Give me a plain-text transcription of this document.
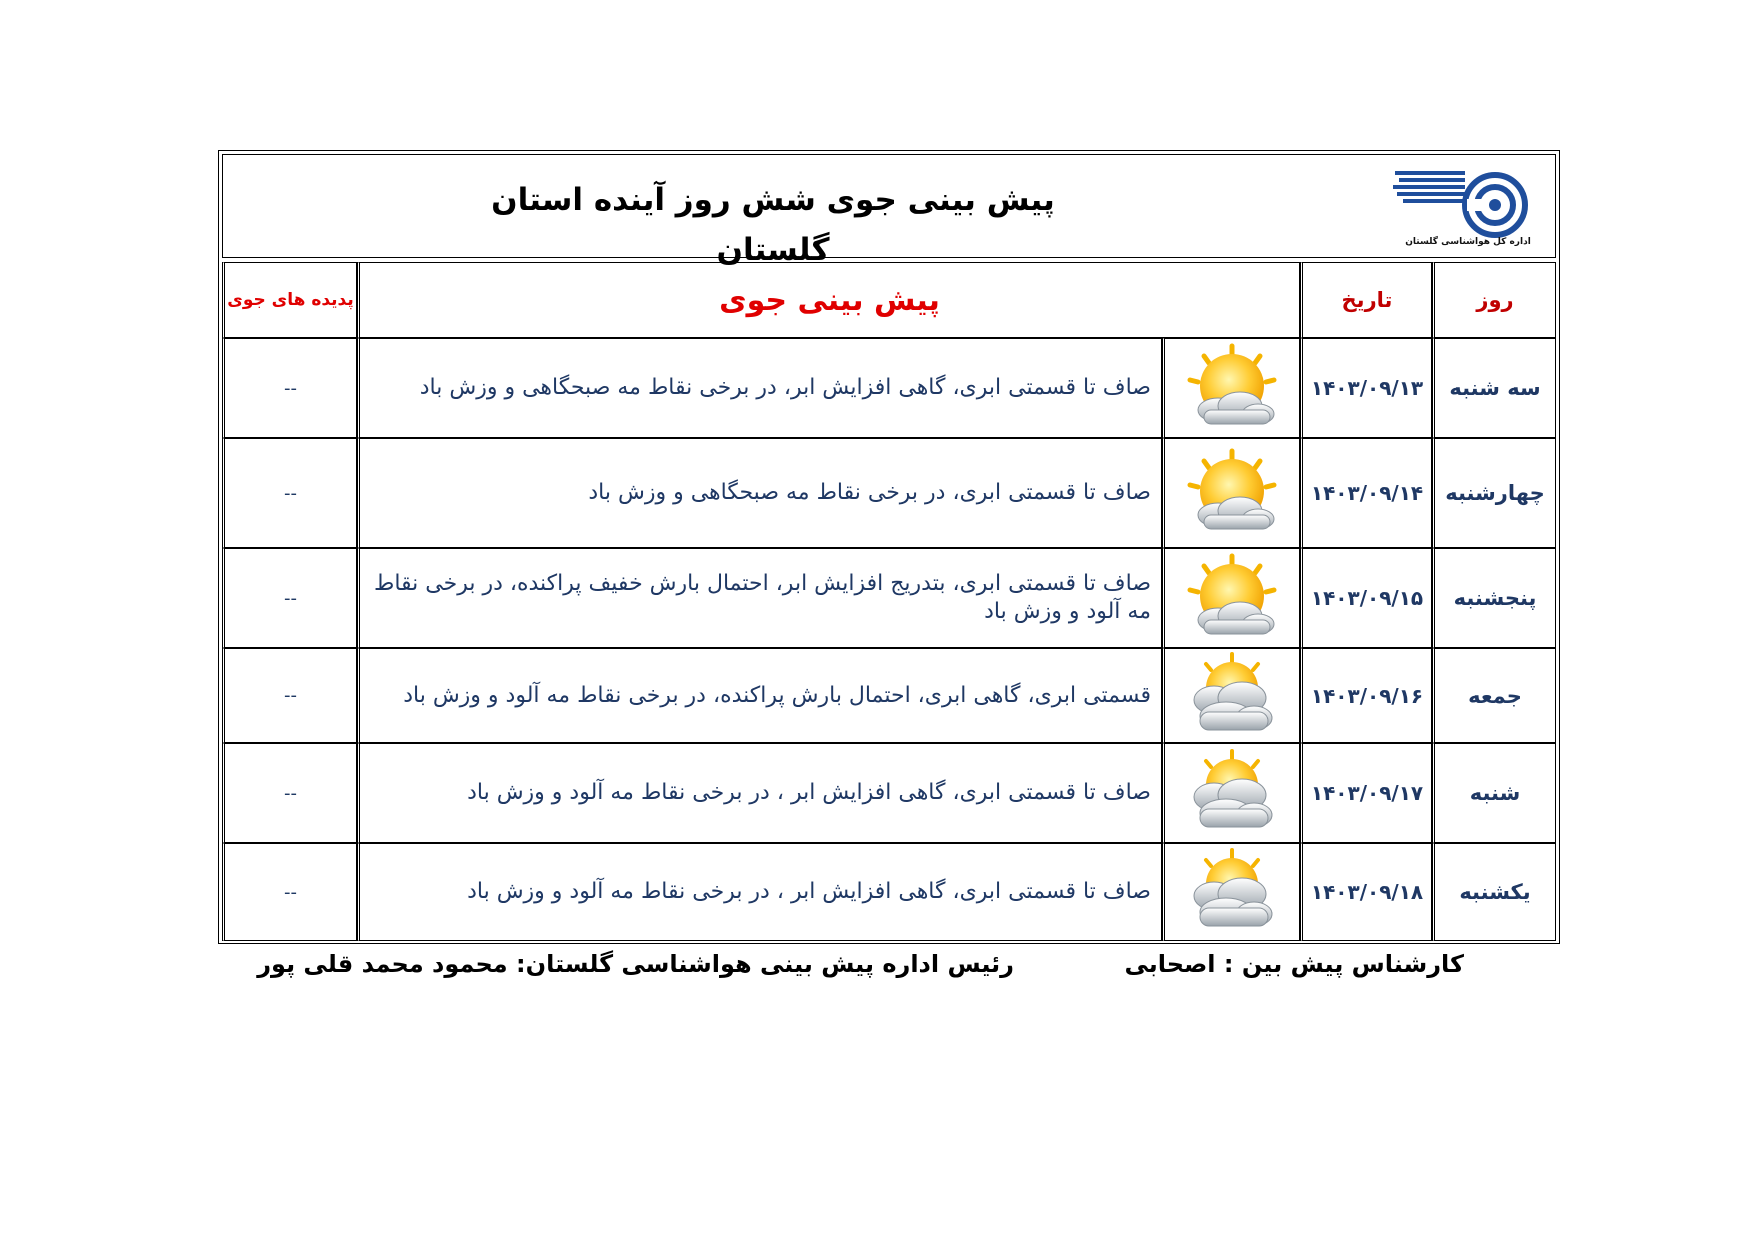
پیش بینی جوی شش روز آینده استان گلستان	اداره کل هواشناسی گلستان
روز	تاریخ	پیش بینی جوی		پدیده های جوی

سه شنبه	۱۴۰۳/۰۹/۱۳		صاف تا قسمتی ابری، گاهی افزایش ابر، در برخی نقاط مه صبحگاهی و وزش باد	--

چهارشنبه	۱۴۰۳/۰۹/۱۴		صاف تا قسمتی ابری، در برخی نقاط مه صبحگاهی و وزش باد	--

پنجشنبه	۱۴۰۳/۰۹/۱۵		صاف تا قسمتی ابری، بتدریج افزایش ابر، احتمال بارش خفیف پراکنده، در برخی نقاط مه آلود و وزش باد	--

جمعه	۱۴۰۳/۰۹/۱۶		قسمتی ابری، گاهی ابری، احتمال بارش پراکنده، در برخی نقاط مه آلود و وزش باد	--

شنبه	۱۴۰۳/۰۹/۱۷		صاف تا قسمتی ابری، گاهی افزایش ابر ، در برخی نقاط مه آلود و وزش باد	--

یکشنبه	۱۴۰۳/۰۹/۱۸		صاف تا قسمتی ابری، گاهی افزایش ابر ، در برخی نقاط مه آلود و وزش باد	--
کارشناس پیش بین : اصحابی
رئیس اداره پیش بینی هواشناسی گلستان: محمود محمد قلی پور
